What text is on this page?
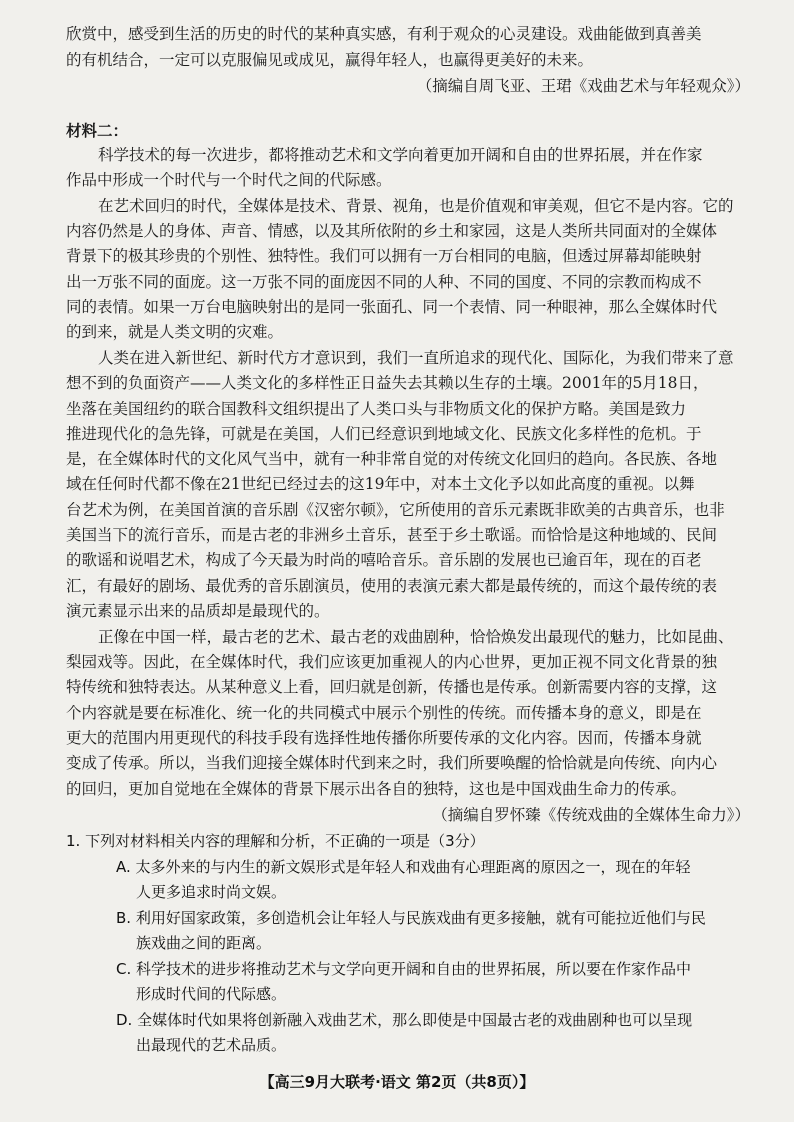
欣赏中，感受到生活的历史的时代的某种真实感，有利于观众的心灵建设。戏曲能做到真善美
的有机结合，一定可以克服偏见或成见，赢得年轻人，也赢得更美好的未来。
（摘编自周飞亚、王珺《戏曲艺术与年轻观众》）
材料二：
科学技术的每一次进步，都将推动艺术和文学向着更加开阔和自由的世界拓展，并在作家
作品中形成一个时代与一个时代之间的代际感。
在艺术回归的时代，全媒体是技术、背景、视角，也是价值观和审美观，但它不是内容。它的
内容仍然是人的身体、声音、情感，以及其所依附的乡土和家园，这是人类所共同面对的全媒体
背景下的极其珍贵的个别性、独特性。我们可以拥有一万台相同的电脑，但透过屏幕却能映射
出一万张不同的面庞。这一万张不同的面庞因不同的人种、不同的国度、不同的宗教而构成不
同的表情。如果一万台电脑映射出的是同一张面孔、同一个表情、同一种眼神，那么全媒体时代
的到来，就是人类文明的灾难。
人类在进入新世纪、新时代方才意识到，我们一直所追求的现代化、国际化，为我们带来了意
想不到的负面资产——人类文化的多样性正日益失去其赖以生存的土壤。2001年的5月18日，
坐落在美国纽约的联合国教科文组织提出了人类口头与非物质文化的保护方略。美国是致力
推进现代化的急先锋，可就是在美国，人们已经意识到地域文化、民族文化多样性的危机。于
是，在全媒体时代的文化风气当中，就有一种非常自觉的对传统文化回归的趋向。各民族、各地
域在任何时代都不像在21世纪已经过去的这19年中，对本土文化予以如此高度的重视。以舞
台艺术为例，在美国首演的音乐剧《汉密尔顿》，它所使用的音乐元素既非欧美的古典音乐，也非
美国当下的流行音乐，而是古老的非洲乡土音乐，甚至于乡土歌谣。而恰恰是这种地域的、民间
的歌谣和说唱艺术，构成了今天最为时尚的嘻哈音乐。音乐剧的发展也已逾百年，现在的百老
汇，有最好的剧场、最优秀的音乐剧演员，使用的表演元素大都是最传统的，而这个最传统的表
演元素显示出来的品质却是最现代的。
正像在中国一样，最古老的艺术、最古老的戏曲剧种，恰恰焕发出最现代的魅力，比如昆曲、
梨园戏等。因此，在全媒体时代，我们应该更加重视人的内心世界，更加正视不同文化背景的独
特传统和独特表达。从某种意义上看，回归就是创新，传播也是传承。创新需要内容的支撑，这
个内容就是要在标准化、统一化的共同模式中展示个别性的传统。而传播本身的意义，即是在
更大的范围内用更现代的科技手段有选择性地传播你所要传承的文化内容。因而，传播本身就
变成了传承。所以，当我们迎接全媒体时代到来之时，我们所要唤醒的恰恰就是向传统、向内心
的回归，更加自觉地在全媒体的背景下展示出各自的独特，这也是中国戏曲生命力的传承。
（摘编自罗怀臻《传统戏曲的全媒体生命力》）
1. 下列对材料相关内容的理解和分析，不正确的一项是（3分）
A. 太多外来的与内生的新文娱形式是年轻人和戏曲有心理距离的原因之一，现在的年轻
人更多追求时尚文娱。
B. 利用好国家政策，多创造机会让年轻人与民族戏曲有更多接触，就有可能拉近他们与民
族戏曲之间的距离。
C. 科学技术的进步将推动艺术与文学向更开阔和自由的世界拓展，所以要在作家作品中
形成时代间的代际感。
D. 全媒体时代如果将创新融入戏曲艺术，那么即使是中国最古老的戏曲剧种也可以呈现
出最现代的艺术品质。
【高三9月大联考·语文 第2页（共8页）】
